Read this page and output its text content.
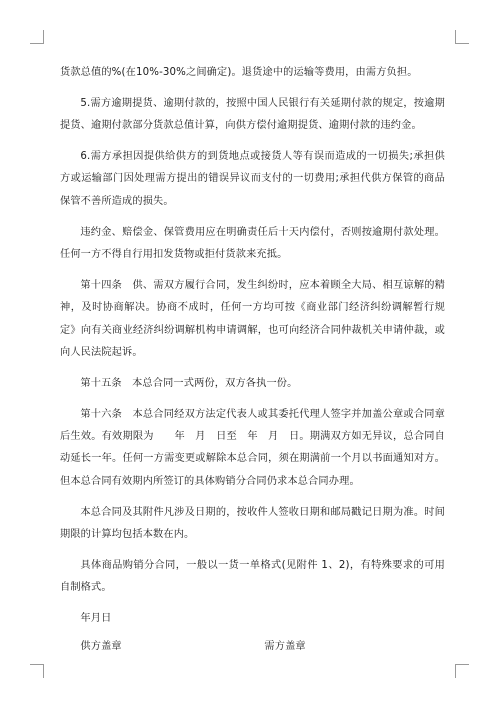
货款总值的%(在10%-30%之间确定)。退货途中的运输等费用，由需方负担。

5.需方逾期提货、逾期付款的，按照中国人民银行有关延期付款的规定，按逾期提货、逾期付款部分货款总值计算，向供方偿付逾期提货、逾期付款的违约金。

6.需方承担因提供给供方的到货地点或接货人等有误而造成的一切损失;承担供方或运输部门因处理需方提出的错误异议而支付的一切费用;承担代供方保管的商品保管不善所造成的损失。

违约金、赔偿金、保管费用应在明确责任后十天内偿付，否则按逾期付款处理。任何一方不得自行用扣发货物或拒付货款来充抵。

第十四条　供、需双方履行合同，发生纠纷时，应本着顾全大局、相互谅解的精神，及时协商解决。协商不成时，任何一方均可按《商业部门经济纠纷调解暂行规定》向有关商业经济纠纷调解机构申请调解，也可向经济合同仲裁机关申请仲裁，或向人民法院起诉。

第十五条　本总合同一式两份，双方各执一份。

第十六条　本总合同经双方法定代表人或其委托代理人签字并加盖公章或合同章后生效。有效期限为　　年　月　日至　年　月　日。期满双方如无异议，总合同自动延长一年。任何一方需变更或解除本总合同，须在期满前一个月以书面通知对方。但本总合同有效期内所签订的具体购销分合同仍求本总合同办理。

本总合同及其附件凡涉及日期的，按收件人签收日期和邮局戳记日期为准。时间期限的计算均包括本数在内。

具体商品购销分合同，一般以一货一单格式(见附件 1、2)，有特殊要求的可用自制格式。

年月日

供方盖章	需方盖章
